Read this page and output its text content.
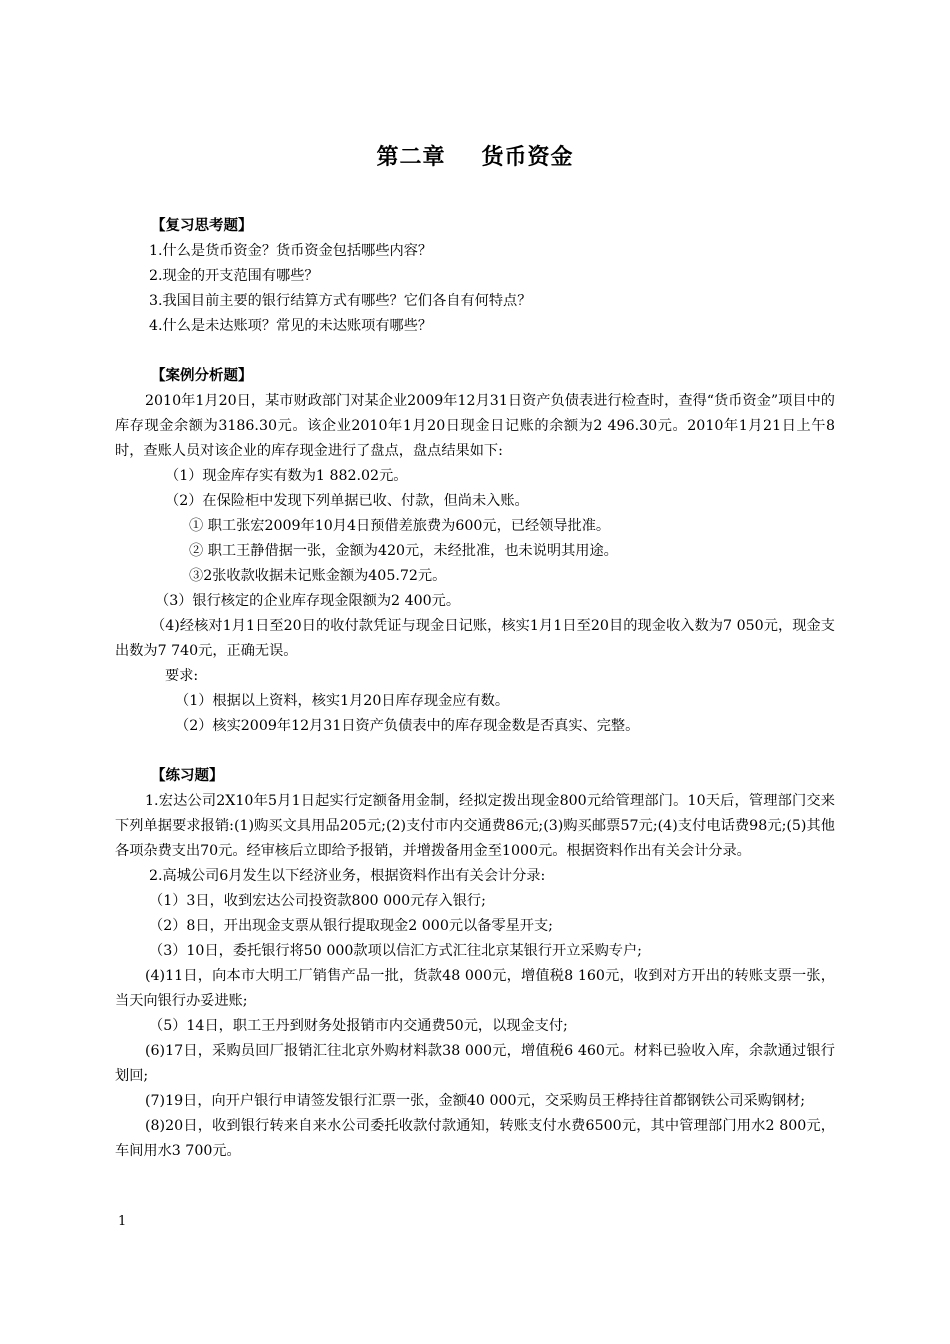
第二章 货币资金
【复习思考题】
1.什么是货币资金？货币资金包括哪些内容？
2.现金的开支范围有哪些？
3.我国目前主要的银行结算方式有哪些？它们各自有何特点？
4.什么是未达账项？常见的未达账项有哪些？
【案例分析题】
2010年1月20日，某市财政部门对某企业2009年12月31日资产负债表进行检查时，查得“货币资金”项目中的库存现金余额为3186.30元。该企业2010年1月20日现金日记账的余额为2 496.30元。2010年1月21日上午8时，查账人员对该企业的库存现金进行了盘点，盘点结果如下:
（1）现金库存实有数为1 882.02元。
（2）在保险柜中发现下列单据已收、付款，但尚未入账。
① 职工张宏2009年10月4日预借差旅费为600元，已经领导批准。
② 职工王静借据一张，金额为420元，未经批准，也未说明其用途。
③2张收款收据未记账金额为405.72元。
（3）银行核定的企业库存现金限额为2 400元。
（4)经核对1月1日至20日的收付款凭证与现金日记账，核实1月1日至20目的现金收入数为7 050元，现金支出数为7 740元，正确无误。
要求:
（1）根据以上资料，核实1月20日库存现金应有数。
（2）核实2009年12月31日资产负债表中的库存现金数是否真实、完整。
【练习题】
1.宏达公司2X10年5月1日起实行定额备用金制，经拟定拨出现金800元给管理部门。10天后，管理部门交来下列单据要求报销:(1)购买文具用品205元;(2)支付市内交通费86元;(3)购买邮票57元;(4)支付电话费98元;(5)其他各项杂费支出70元。经审核后立即给予报销，并增拨备用金至1000元。根据资料作出有关会计分录。
2.高城公司6月发生以下经济业务，根据资料作出有关会计分录:
（1）3日，收到宏达公司投资款800 000元存入银行;
（2）8日，开出现金支票从银行提取现金2 000元以备零星开支;
（3）10日，委托银行将50 000款项以信汇方式汇往北京某银行开立采购专户;
(4)11日，向本市大明工厂销售产品一批，货款48 000元，增值税8 160元，收到对方开出的转账支票一张，当天向银行办妥进账;
（5）14日，职工王丹到财务处报销市内交通费50元，以现金支付;
(6)17日，采购员回厂报销汇往北京外购材料款38 000元，增值税6 460元。材料已验收入库，余款通过银行划回;
(7)19日，向开户银行申请签发银行汇票一张，金额40 000元，交采购员王桦持往首都钢铁公司采购钢材;
(8)20日，收到银行转来自来水公司委托收款付款通知，转账支付水费6500元，其中管理部门用水2 800元，车间用水3 700元。
1
